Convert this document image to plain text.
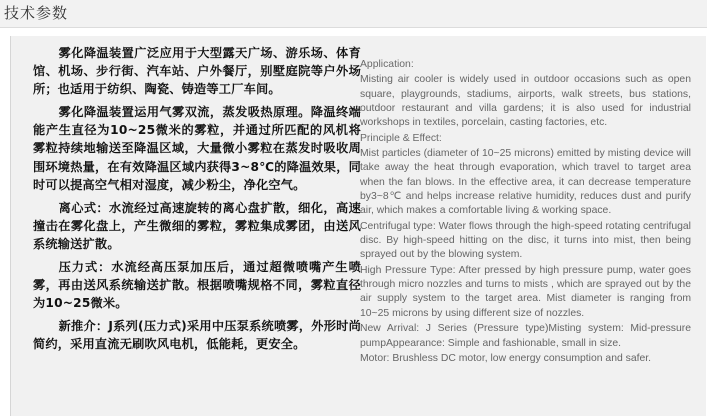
技术参数

雾化降温装置广泛应用于大型露天广场、游乐场、体育馆、机场、步行街、汽车站、户外餐厅，别墅庭院等户外场所；也适用于纺织、陶瓷、铸造等工厂车间。

雾化降温装置运用气雾双流，蒸发吸热原理。降温终端能产生直径为10~25微米的雾粒，并通过所匹配的风机将雾粒持续地输送至降温区域，大量微小雾粒在蒸发时吸收周围环境热量，在有效降温区域内获得3~8℃的降温效果，同时可以提高空气相对湿度，减少粉尘，净化空气。

离心式：水流经过高速旋转的离心盘扩散，细化，高速撞击在雾化盘上，产生微细的雾粒，雾粒集成雾团，由送风系统输送扩散。

压力式：水流经高压泵加压后，通过超微喷嘴产生喷雾，再由送风系统输送扩散。根据喷嘴规格不同，雾粒直径为10~25微米。

新推介：J系列(压力式)采用中压泵系统喷雾，外形时尚简约，采用直流无刷吹风电机，低能耗，更安全。

Application:

Misting air cooler is widely used in outdoor occasions such as open square, playgrounds, stadiums, airports, walk streets, bus stations, outdoor restaurant and villa gardens; it is also used for industrial workshops in textiles, porcelain, casting factories, etc.

Principle & Effect:

Mist particles (diameter of 10~25 microns) emitted by misting device will take away the heat through evaporation, which travel to target area when the fan blows. In the effective area, it can decrease temperature by3~8℃ and helps increase relative humidity, reduces dust and purify air, which makes a comfortable living & working space.

Centrifugal type: Water flows through the high-speed rotating centrifugal disc. By high-speed hitting on the disc, it turns into mist, then being sprayed out by the blowing system.

High Pressure Type: After pressed by high pressure pump, water goes through micro nozzles and turns to mists , which are sprayed out by the air supply system to the target area. Mist diameter is ranging from 10~25 microns by using different size of nozzles.

New Arrival: J Series (Pressure type)Misting system: Mid-pressure pumpAppearance: Simple and fashionable, small in size.

Motor: Brushless DC motor, low energy consumption and safer.
